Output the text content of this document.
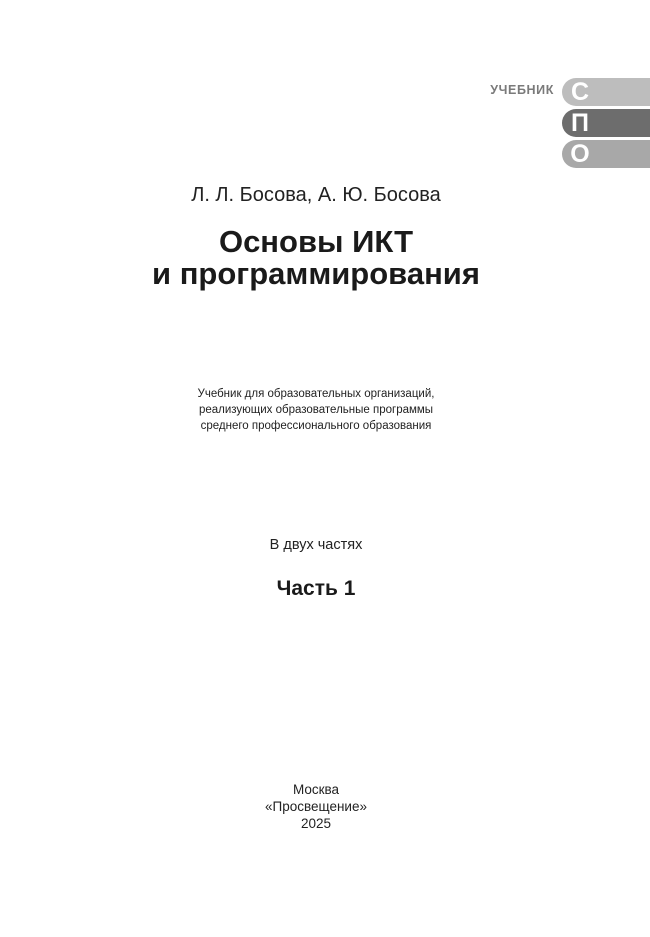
УЧЕБНИК С
П
О
Л. Л. Босова, А. Ю. Босова
Основы ИКТ
и программирования
Учебник для образовательных организаций,
реализующих образовательные программы
среднего профессионального образования
В двух частях
Часть 1
Москва
«Просвещение»
2025
